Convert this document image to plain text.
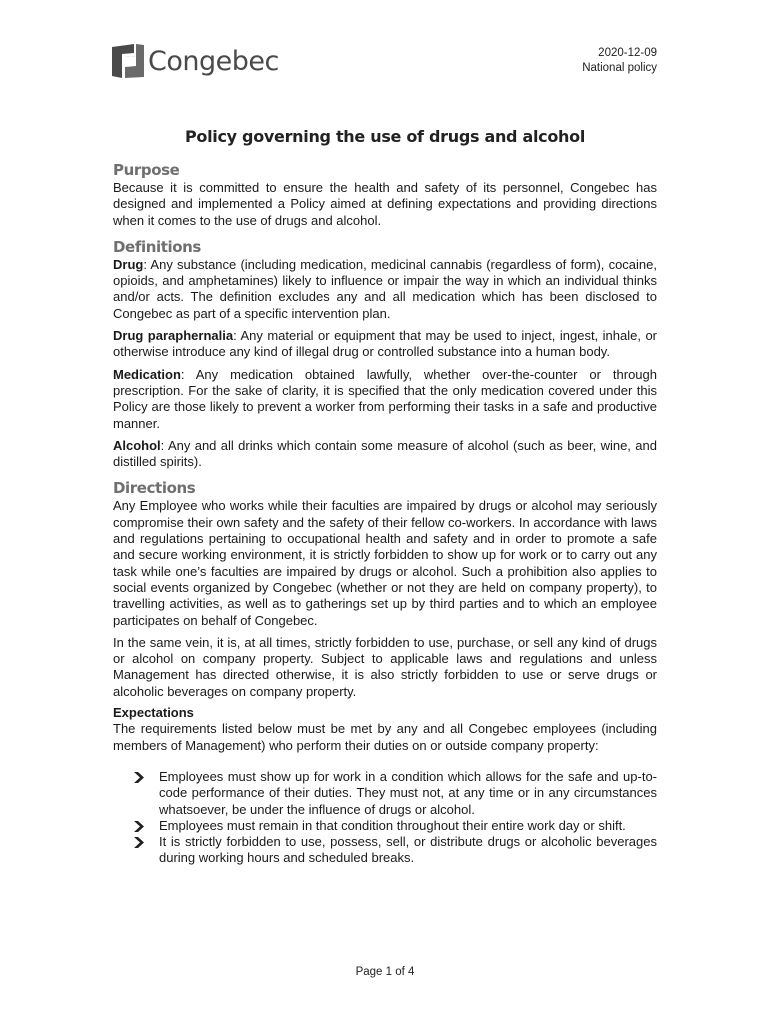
Congebec	2020-12-09
National policy
Policy governing the use of drugs and alcohol
Purpose

Because it is committed to ensure the health and safety of its personnel, Congebec has designed and implemented a Policy aimed at defining expectations and providing directions when it comes to the use of drugs and alcohol.

Definitions

Drug: Any substance (including medication, medicinal cannabis (regardless of form), cocaine, opioids, and amphetamines) likely to influence or impair the way in which an individual thinks and/or acts. The definition excludes any and all medication which has been disclosed to Congebec as part of a specific intervention plan.

Drug paraphernalia: Any material or equipment that may be used to inject, ingest, inhale, or otherwise introduce any kind of illegal drug or controlled substance into a human body.

Medication: Any medication obtained lawfully, whether over-the-counter or through prescription. For the sake of clarity, it is specified that the only medication covered under this Policy are those likely to prevent a worker from performing their tasks in a safe and productive manner.

Alcohol: Any and all drinks which contain some measure of alcohol (such as beer, wine, and distilled spirits).

Directions

Any Employee who works while their faculties are impaired by drugs or alcohol may seriously compromise their own safety and the safety of their fellow co-workers. In accordance with laws and regulations pertaining to occupational health and safety and in order to promote a safe and secure working environment, it is strictly forbidden to show up for work or to carry out any task while one’s faculties are impaired by drugs or alcohol. Such a prohibition also applies to social events organized by Congebec (whether or not they are held on company property), to travelling activities, as well as to gatherings set up by third parties and to which an employee participates on behalf of Congebec.

In the same vein, it is, at all times, strictly forbidden to use, purchase, or sell any kind of drugs or alcohol on company property. Subject to applicable laws and regulations and unless Management has directed otherwise, it is also strictly forbidden to use or serve drugs or alcoholic beverages on company property.

Expectations

The requirements listed below must be met by any and all Congebec employees (including members of Management) who perform their duties on or outside company property:

Employees must show up for work in a condition which allows for the safe and up-to-code performance of their duties. They must not, at any time or in any circumstances whatsoever, be under the influence of drugs or alcohol.
Employees must remain in that condition throughout their entire work day or shift.
It is strictly forbidden to use, possess, sell, or distribute drugs or alcoholic beverages during working hours and scheduled breaks.
Page 1 of 4
